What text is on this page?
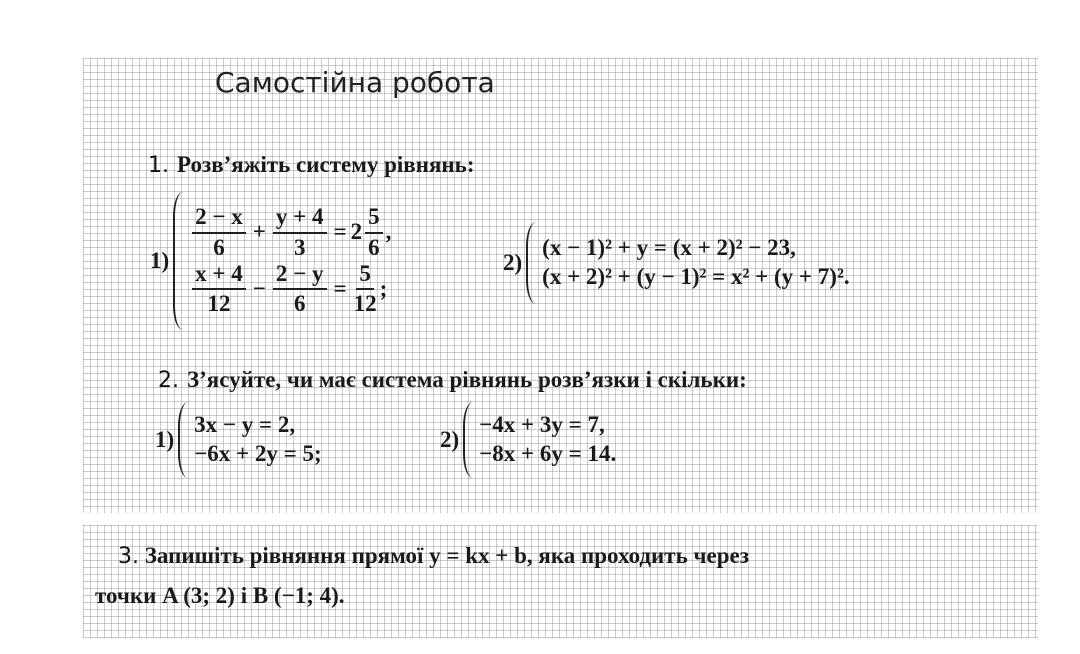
Самостійна робота
1. Розв’яжіть систему рівнянь:
$1) \frac{2 - x}{6} + \frac{y + 4}{3} = 2 \frac{5}{6}$ ,
$\frac{x + 4}{12} - \frac{2 - y}{6} = \frac{5}{12}$ ;
2)
(x − 1)² + y = (x + 2)² − 23,
(x + 2)² + (y − 1)² = x² + (y + 7)².
2. З’ясуйте, чи має система рівнянь розв’язки і скільки:
1)
3x − y = 2,
−6x + 2y = 5;
2)
−4x + 3y = 7,
−8x + 6y = 14.
3. Запишіть рівняння прямої y = kx + b, яка проходить через
точки A (3; 2) і B (−1; 4).
